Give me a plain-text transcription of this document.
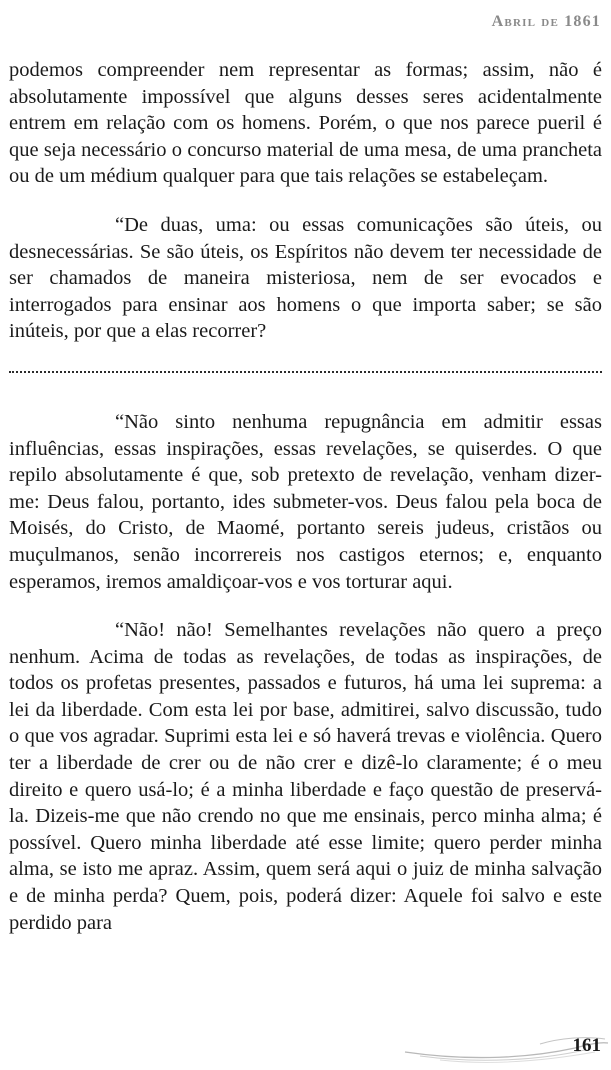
Abril de 1861

podemos compreender nem representar as formas; assim, não é absolutamente impossível que alguns desses seres acidentalmente entrem em relação com os homens. Porém, o que nos parece pueril é que seja necessário o concurso material de uma mesa, de uma prancheta ou de um médium qualquer para que tais relações se estabeleçam.

“De duas, uma: ou essas comunicações são úteis, ou desnecessárias. Se são úteis, os Espíritos não devem ter necessidade de ser chamados de maneira misteriosa, nem de ser evocados e interrogados para ensinar aos homens o que importa saber; se são inúteis, por que a elas recorrer?

“Não sinto nenhuma repugnância em admitir essas influências, essas inspirações, essas revelações, se quiserdes. O que repilo absolutamente é que, sob pretexto de revelação, venham dizer-me: Deus falou, portanto, ides submeter-vos. Deus falou pela boca de Moisés, do Cristo, de Maomé, portanto sereis judeus, cristãos ou muçulmanos, senão incorrereis nos castigos eternos; e, enquanto esperamos, iremos amaldiçoar-vos e vos torturar aqui.

“Não! não! Semelhantes revelações não quero a preço nenhum. Acima de todas as revelações, de todas as inspirações, de todos os profetas presentes, passados e futuros, há uma lei suprema: a lei da liberdade. Com esta lei por base, admitirei, salvo discussão, tudo o que vos agradar. Suprimi esta lei e só haverá trevas e violência. Quero ter a liberdade de crer ou de não crer e dizê-lo claramente; é o meu direito e quero usá-lo; é a minha liberdade e faço questão de preservá-la. Dizeis-me que não crendo no que me ensinais, perco minha alma; é possível. Quero minha liberdade até esse limite; quero perder minha alma, se isto me apraz. Assim, quem será aqui o juiz de minha salvação e de minha perda? Quem, pois, poderá dizer: Aquele foi salvo e este perdido para

161
